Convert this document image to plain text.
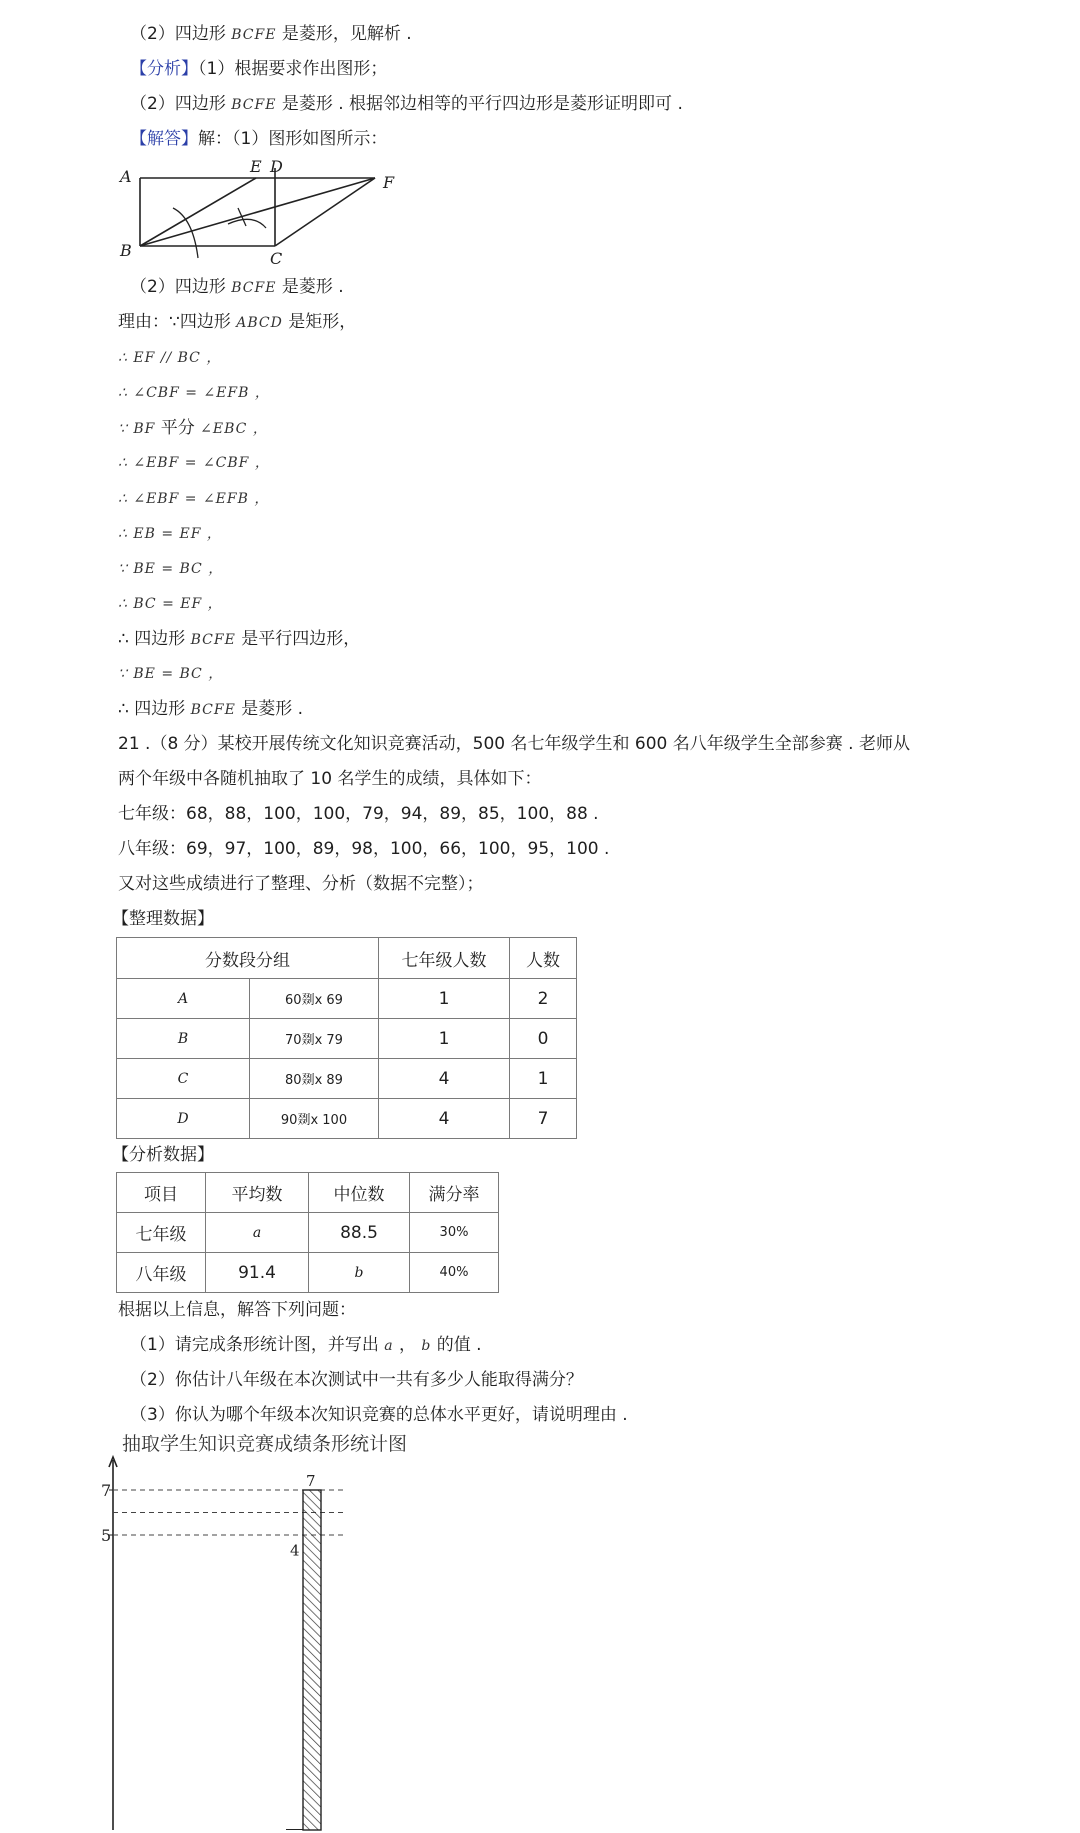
（2）四边形 BCFE 是菱形，见解析 .
【分析】（1）根据要求作出图形；
（2）四边形 BCFE 是菱形 . 根据邻边相等的平行四边形是菱形证明即可 .
【解答】解：（1）图形如图所示：
A
E D
F
B	C
（2）四边形 BCFE 是菱形 .
理由：∵四边形 ABCD 是矩形，
∴ EF // BC ，
∴ ∠CBF = ∠EFB ，
∵ BF 平分 ∠EBC ，
∴ ∠EBF = ∠CBF ，
∴ ∠EBF = ∠EFB ，
∴ EB = EF ，
∵ BE = BC ，
∴ BC = EF ，
∴ 四边形 BCFE 是平行四边形，
∵ BE = BC ，
∴ 四边形 BCFE 是菱形 .
21 .（8 分）某校开展传统文化知识竞赛活动，500 名七年级学生和 600 名八年级学生全部参赛 . 老师从
两个年级中各随机抽取了 10 名学生的成绩，具体如下：
七年级：68，88，100，100，79，94，89，85，100，88 .
八年级：69，97，100，89，98，100，66，100，95，100 .
又对这些成绩进行了整理、分析（数据不完整）；
【整理数据】
分数段分组		七年级人数	人数
A	60剟x 69	1	2
B	70剟x 79	1	0
C	80剟x 89	4	1
D	90剟x 100	4	7
【分析数据】
项目	平均数	中位数	满分率
七年级	a	88.5	30%
八年级	91.4	b	40%
根据以上信息，解答下列问题：
（1）请完成条形统计图，并写出 a ， b 的值 .
（2）你估计八年级在本次测试中一共有多少人能取得满分？
（3）你认为哪个年级本次知识竞赛的总体水平更好，请说明理由 .
抽取学生知识竞赛成绩条形统计图
7
5
7
4
